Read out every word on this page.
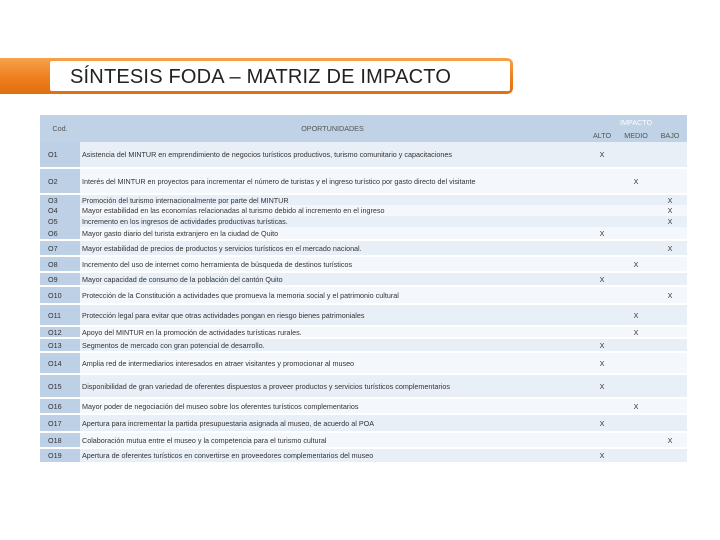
SÍNTESIS FODA – MATRIZ DE IMPACTO
Cod.	OPORTUNIDADES	IMPACTO		
		ALTO	MEDIO	BAJO
O1	Asistencia del MINTUR en emprendimiento de negocios turísticos productivos, turismo comunitario y capacitaciones	X		
O2	Interés del MINTUR en proyectos para incrementar el número de turistas y el ingreso turístico por gasto directo del visitante		X	
O3	Promoción del turismo internacionalmente por parte del MINTUR			X
O4	Mayor estabilidad en las economías relacionadas al turismo debido al incremento en el ingreso			X
O5	Incremento en los ingresos de actividades productivas turísticas.			X
O6	Mayor gasto diario del turista extranjero en la ciudad de Quito	X		
O7	Mayor estabilidad de precios de productos y servicios turísticos en el mercado nacional.			X
O8	Incremento del uso de internet como herramienta de búsqueda de destinos turísticos		X	
O9	Mayor capacidad de consumo de la población del cantón Quito	X		
O10	Protección de la Constitución a actividades que promueva la memoria social y el patrimonio cultural			X
O11	Protección legal para evitar que otras actividades pongan en riesgo bienes patrimoniales		X	
O12	Apoyo del MINTUR en la promoción de actividades turísticas rurales.		X	
O13	Segmentos de mercado con gran potencial de desarrollo.	X		
O14	Amplia red de intermediarios interesados en atraer visitantes y promocionar al museo	X		
O15	Disponibilidad de gran variedad de oferentes dispuestos a proveer productos y servicios turísticos complementarios	X		
O16	Mayor poder de negociación del museo sobre los oferentes turísticos complementarios		X	
O17	Apertura para incrementar la partida presupuestaria asignada al museo, de acuerdo al POA	X		
O18	Colaboración mutua entre el museo y la competencia para el turismo cultural			X
O19	Apertura de oferentes turísticos en convertirse en proveedores complementarios del museo	X		
